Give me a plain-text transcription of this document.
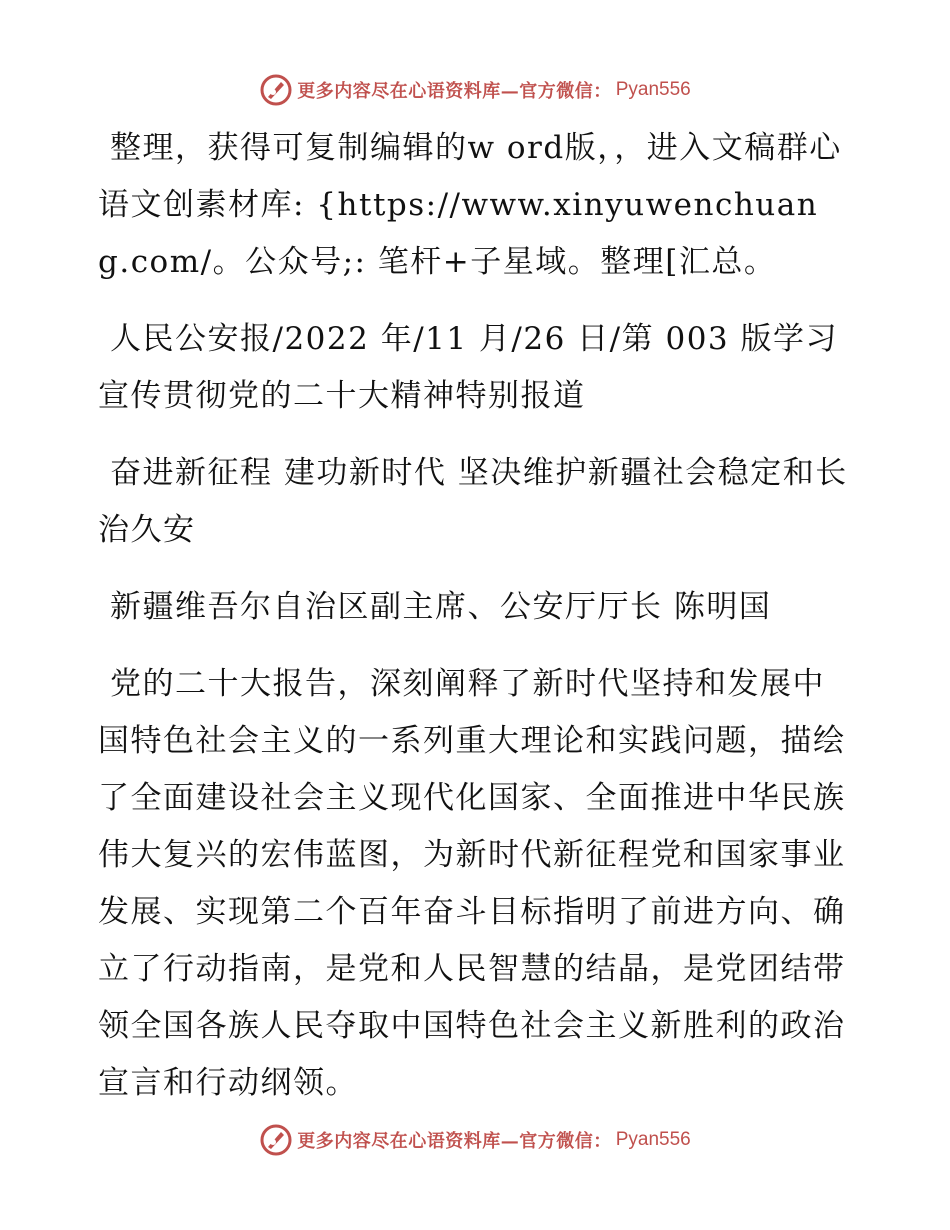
更多内容尽在心语资料库—官方微信： Pyan556

整理，获得可复制编辑的w ord版，，进入文稿群心语文创素材库: {https://www.xinyuwenchuang.com/。公众号;: 笔杆+子星域。整理[汇总。

人民公安报/2022 年/11 月/26 日/第 003 版学习宣传贯彻党的二十大精神特别报道

奋进新征程 建功新时代 坚决维护新疆社会稳定和长治久安

新疆维吾尔自治区副主席、公安厅厅长 陈明国

党的二十大报告，深刻阐释了新时代坚持和发展中国特色社会主义的一系列重大理论和实践问题，描绘了全面建设社会主义现代化国家、全面推进中华民族伟大复兴的宏伟蓝图，为新时代新征程党和国家事业发展、实现第二个百年奋斗目标指明了前进方向、确立了行动指南，是党和人民智慧的结晶，是党团结带领全国各族人民夺取中国特色社会主义新胜利的政治宣言和行动纲领。

更多内容尽在心语资料库—官方微信： Pyan556
